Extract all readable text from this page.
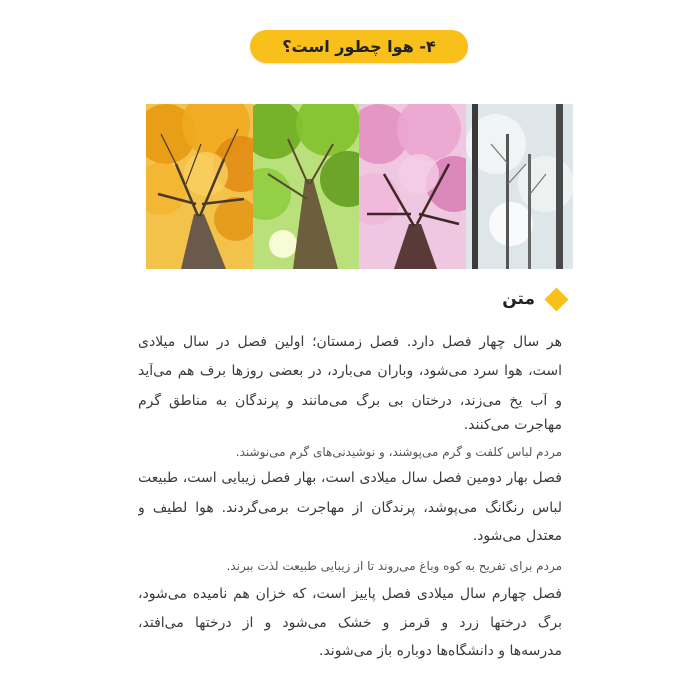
۴- هوا چطور است؟
متن
هر سال چهار فصل دارد. فصل زمستان؛ اولین فصل در سال میلادی
است، هوا سرد می‌شود، وباران می‌بارد، در بعضی روزها برف هم می‌آید
و آب یخ می‌زند، درختان بی برگ می‌مانند و پرندگان به مناطق گرم
مهاجرت می‌کنند.
مردم لباس کلفت و گرم می‌پوشند، و نوشیدنی‌های گرم می‌نوشند.
فصل بهار دومین فصل سال میلادی است، بهار فصل زیبایی است، طبیعت
لباس رنگانگ می‌پوشد، پرندگان از مهاجرت برمی‌گردند. هوا لطیف و
معتدل می‌شود.
مردم برای تفریح به کوه وباغ می‌روند تا از زیبایی طبیعت لذت ببرند.
فصل چهارم سال میلادی فصل پاییز است، که خزان هم نامیده می‌شود،
برگ درختها زرد و قرمز و خشک می‌شود و از درختها می‌افتد،
مدرسه‌ها و دانشگاه‌ها دوباره باز می‌شوند.
